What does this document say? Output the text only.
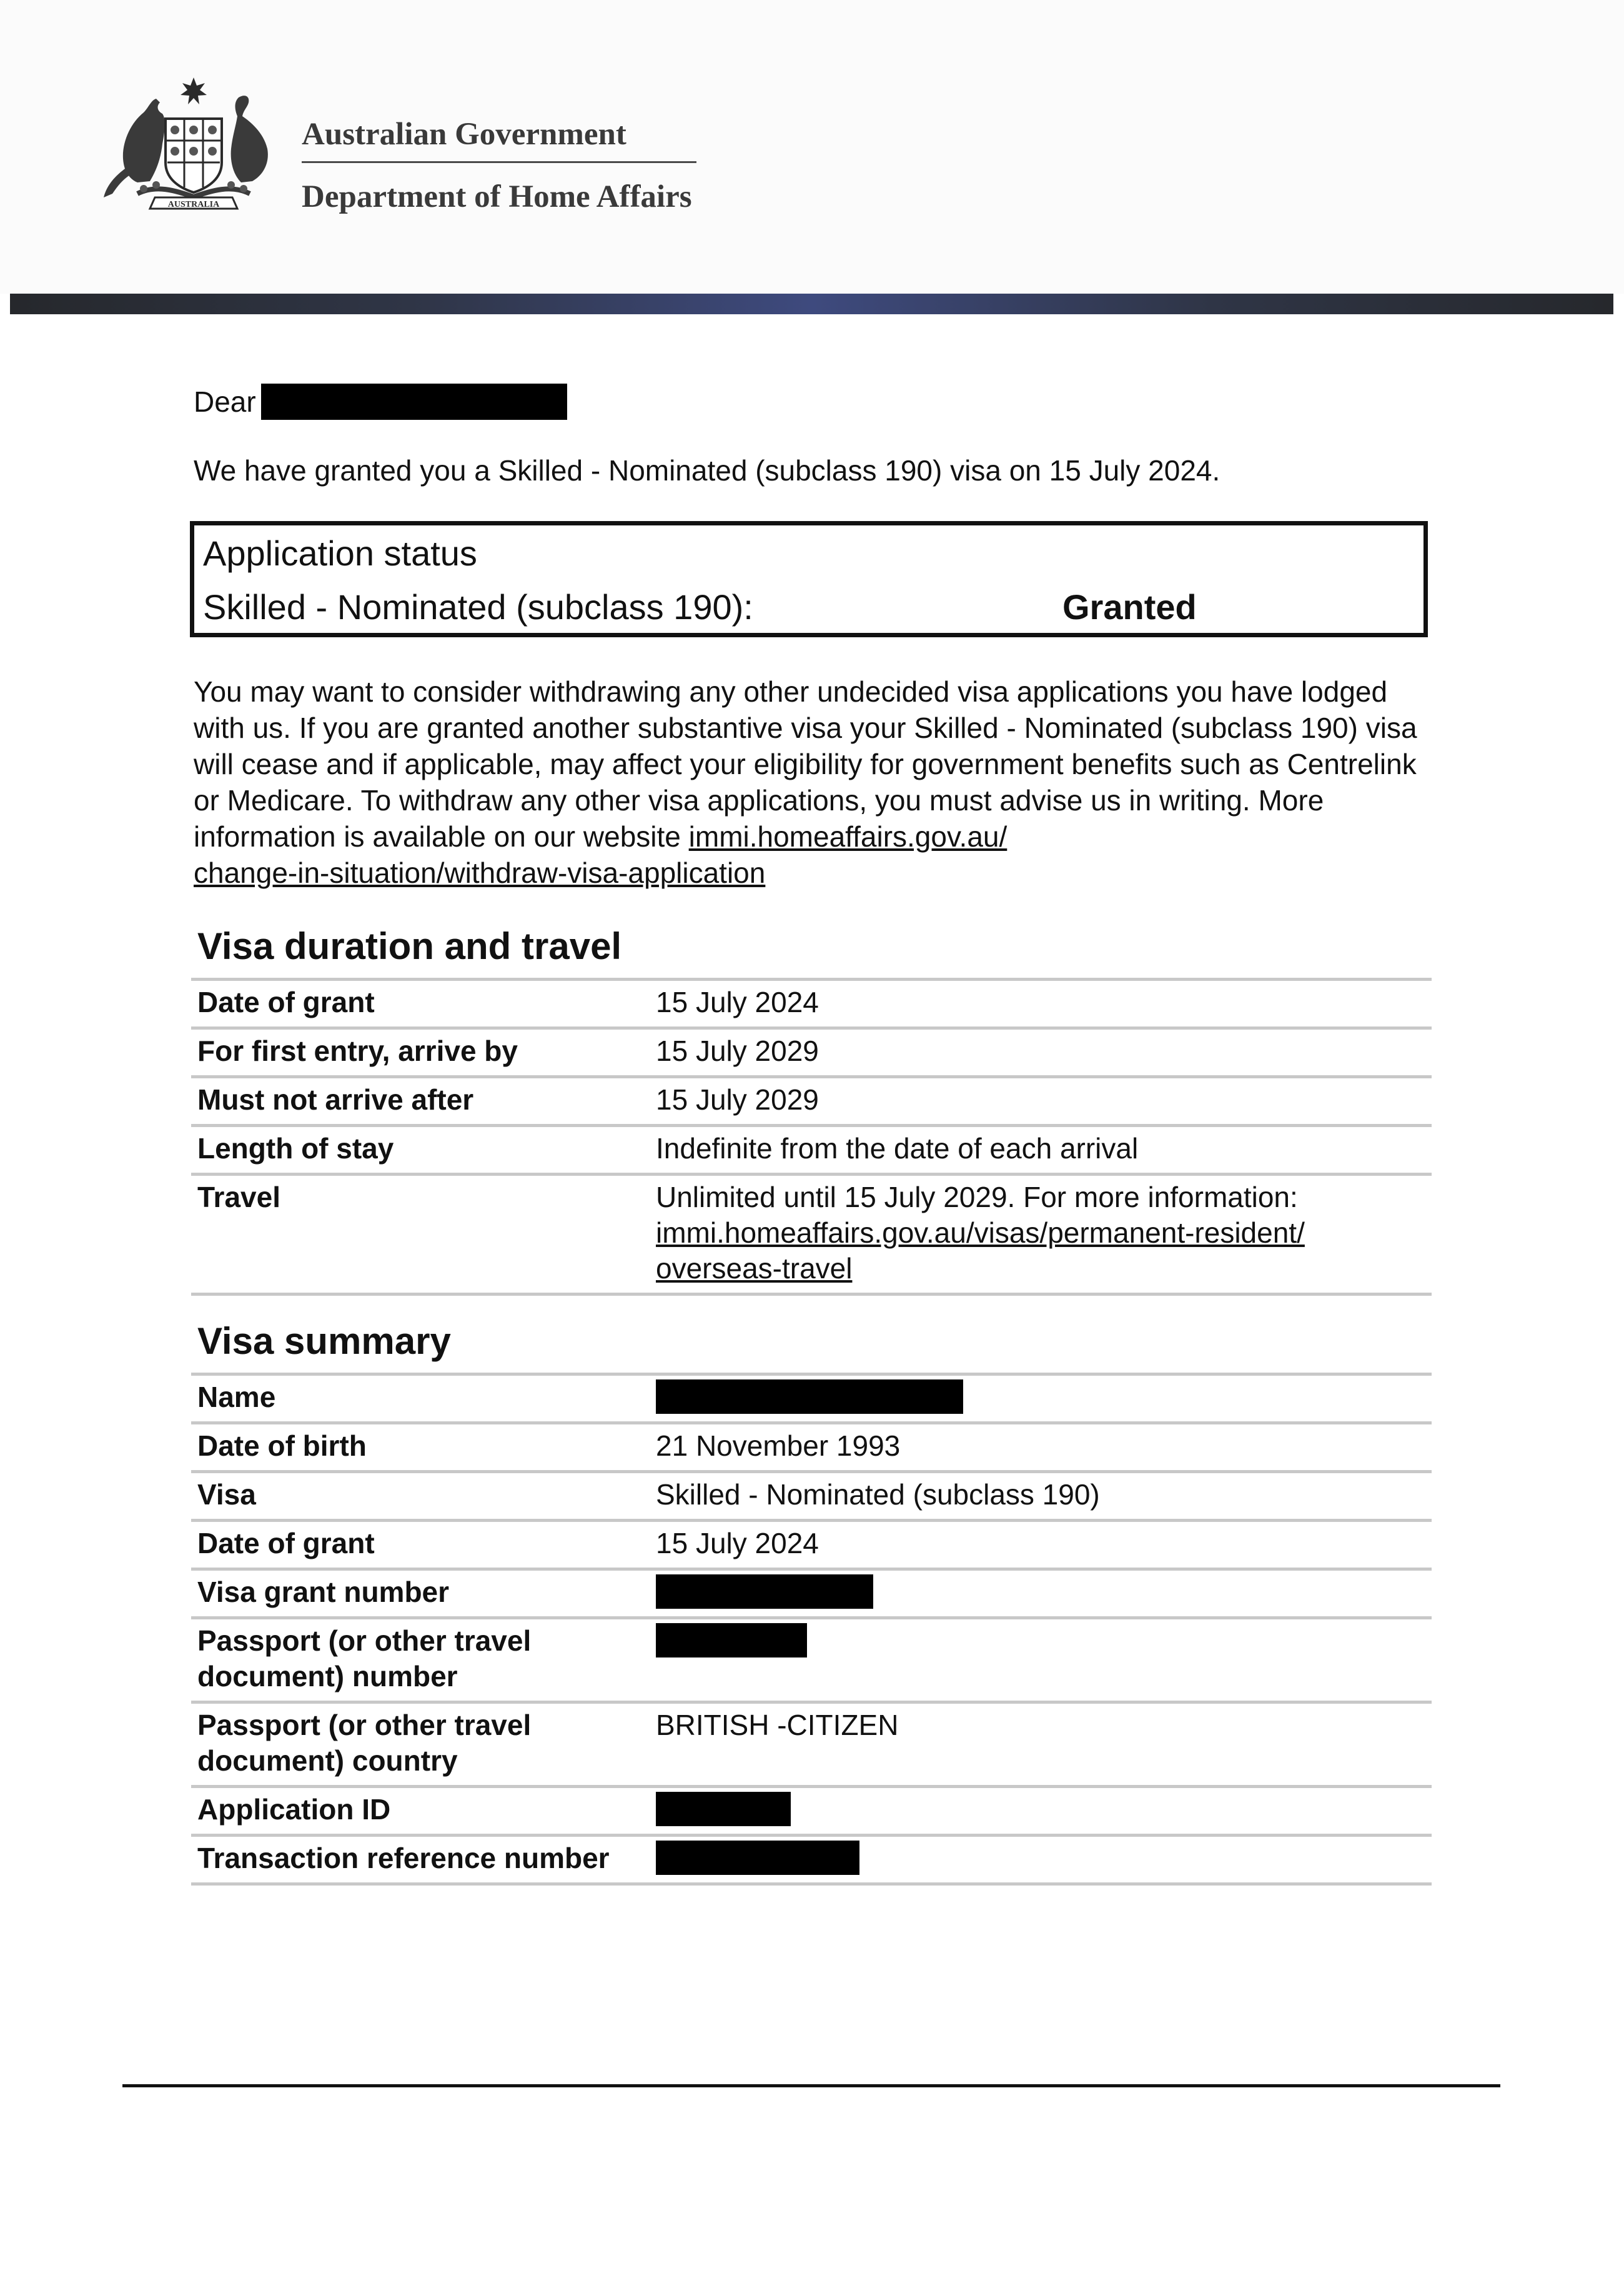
AUSTRALIA
Australian Government
Department of Home Affairs
Dear
We have granted you a Skilled - Nominated (subclass 190) visa on 15 July 2024.
Application status
Skilled - Nominated (subclass 190):	Granted
You may want to consider withdrawing any other undecided visa applications you have lodged with us. If you are granted another substantive visa your Skilled - Nominated (subclass 190) visa will cease and if applicable, may affect your eligibility for government benefits such as Centrelink or Medicare. To withdraw any other visa applications, you must advise us in writing. More information is available on our website immi.homeaffairs.gov.au/
change-in-situation/withdraw-visa-application
Visa duration and travel
Date of grant	15 July 2024
For first entry, arrive by	15 July 2029
Must not arrive after	15 July 2029
Length of stay	Indefinite from the date of each arrival
Travel	Unlimited until 15 July 2029. For more information:
immi.homeaffairs.gov.au/visas/permanent-resident/
overseas-travel
Visa summary
Name	
Date of birth	21 November 1993
Visa	Skilled - Nominated (subclass 190)
Date of grant	15 July 2024
Visa grant number	
Passport (or other travel
document) number	
Passport (or other travel
document) country	BRITISH -CITIZEN
Application ID	
Transaction reference number	
